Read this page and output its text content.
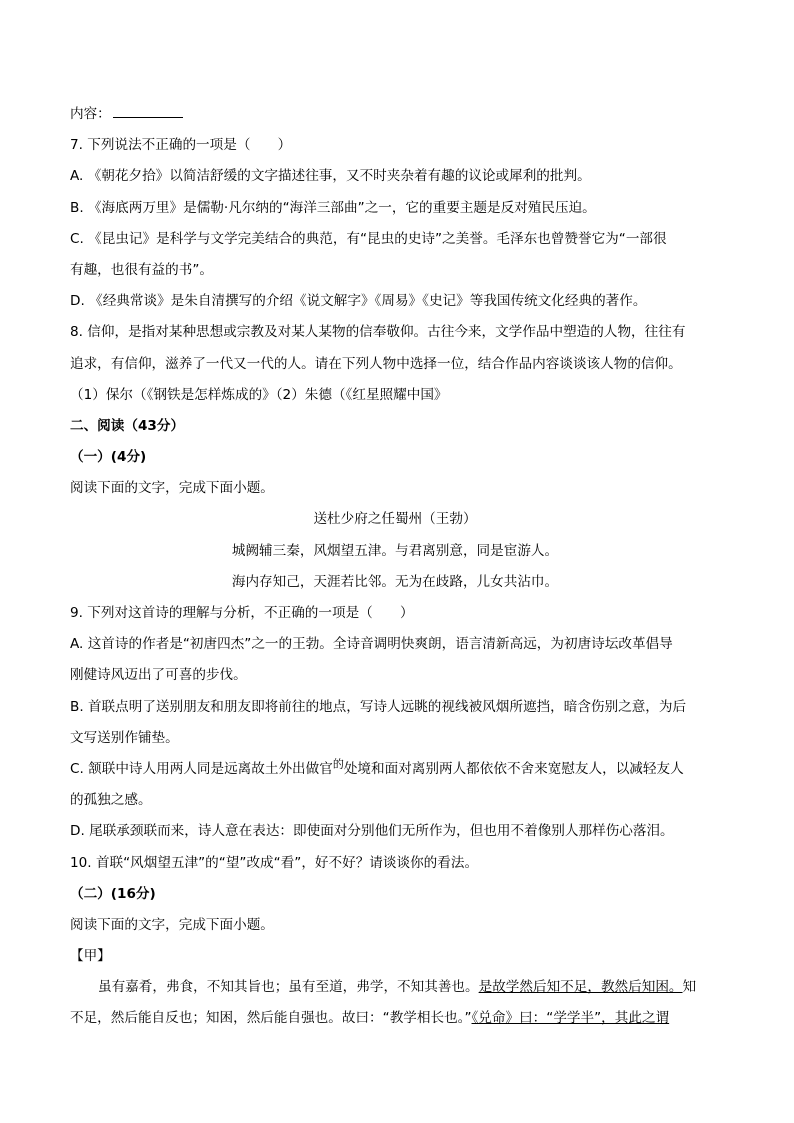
内容：
7. 下列说法不正确的一项是（　　）
A. 《朝花夕拾》以简洁舒缓的文字描述往事，又不时夹杂着有趣的议论或犀利的批判。
B. 《海底两万里》是儒勒·凡尔纳的“海洋三部曲”之一，它的重要主题是反对殖民压迫。
C. 《昆虫记》是科学与文学完美结合的典范，有“昆虫的史诗”之美誉。毛泽东也曾赞誉它为“一部很
有趣，也很有益的书”。
D. 《经典常谈》是朱自清撰写的介绍《说文解字》《周易》《史记》等我国传统文化经典的著作。
8. 信仰，是指对某种思想或宗教及对某人某物的信奉敬仰。古往今来，文学作品中塑造的人物，往往有
追求，有信仰，滋养了一代又一代的人。请在下列人物中选择一位，结合作品内容谈谈该人物的信仰。
（1）保尔（《钢铁是怎样炼成的》（2）朱德（《红星照耀中国》
二、阅读（43分）
（一）(4分)
阅读下面的文字，完成下面小题。
送杜少府之任蜀州（王勃）
城阙辅三秦，风烟望五津。与君离别意，同是宦游人。
海内存知己，天涯若比邻。无为在歧路，儿女共沾巾。
9. 下列对这首诗的理解与分析，不正确的一项是（　　）
A. 这首诗的作者是“初唐四杰”之一的王勃。全诗音调明快爽朗，语言清新高远，为初唐诗坛改革倡导
刚健诗风迈出了可喜的步伐。
B. 首联点明了送别朋友和朋友即将前往的地点，写诗人远眺的视线被风烟所遮挡，暗含伤别之意，为后
文写送别作铺垫。
C. 颔联中诗人用两人同是远离故土外出做官$^的$处境和面对离别两人都依依不舍来宽慰友人，以减轻友人
的孤独之感。
D. 尾联承颈联而来，诗人意在表达：即使面对分别他们无所作为，但也用不着像别人那样伤心落泪。
10. 首联“风烟望五津”的“望”改成“看”，好不好？请谈谈你的看法。
（二）(16分)
阅读下面的文字，完成下面小题。
【甲】
虽有嘉肴，弗食，不知其旨也；虽有至道，弗学，不知其善也。是故学然后知不足，教然后知困。知
不足，然后能自反也；知困，然后能自强也。故曰：“教学相长也。”《兑命》曰：“学学半”，其此之谓
